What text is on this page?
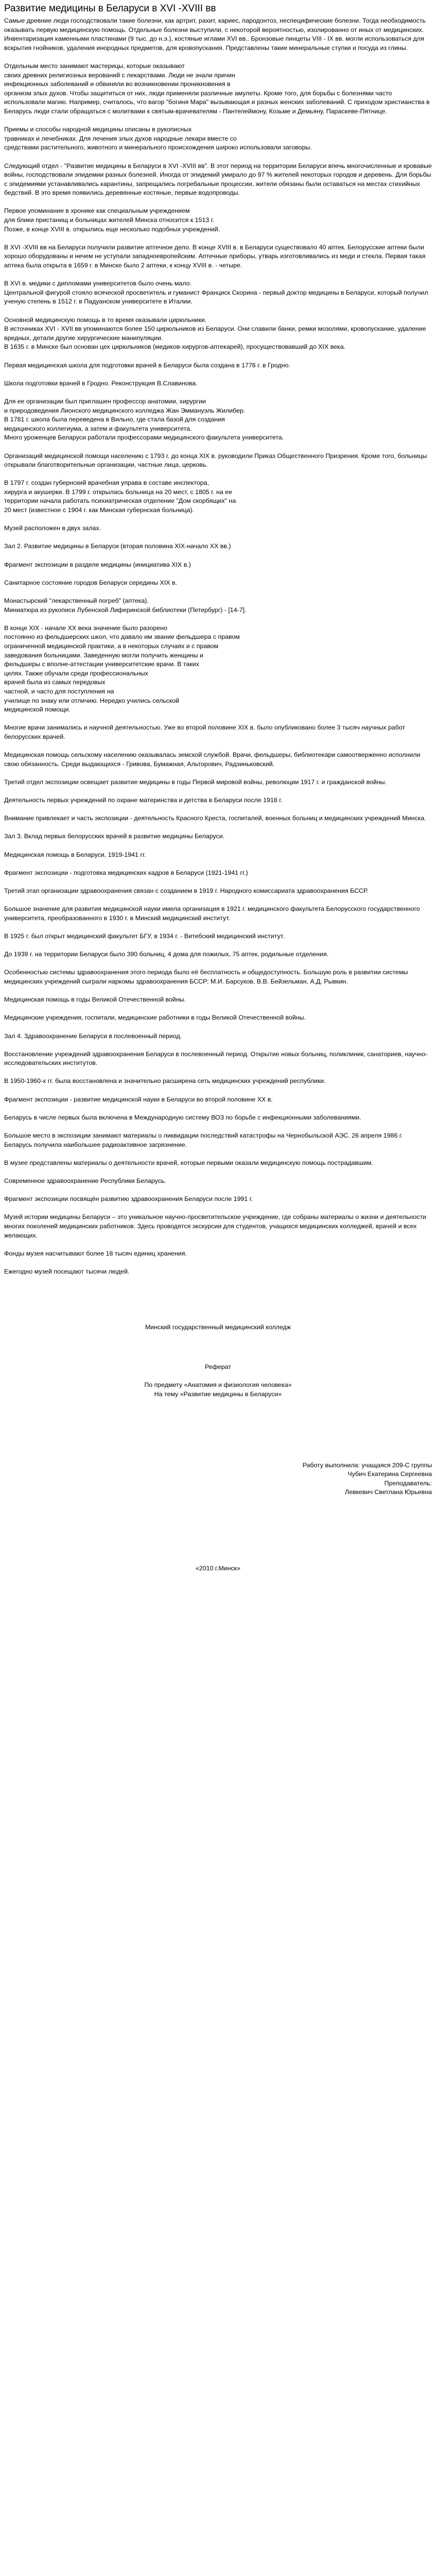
Развитие медицины в Беларуси в XVI -XVIII вв

Самые древние люди господствовали такие болезни, как артрит, рахит, кариес, пародонтоз, неспецифические болезни. Тогда необходимость оказывать первую медицинскую помощь. Отдельные болезни выступили, с некоторой вероятностью, изолированно от иных от медицинских. Инвентаризация каменными пластинами (9 тыс. до н.э.), костяные иглами XVI вв.. Бронзовые пинцеты VIII - IX вв. могли использоваться для вскрытия гнойников, удаления инородных предметов, для кровопускания. Представлены такие минеральные ступки и посуда из глины.

Отдельным место занимают мастерицы, которые оказывают
своих древних религиозных верований с лекарствами. Люди не знали причин
инфекционных заболеваний и обвиняли во возникновении проникновения в
организм злых духов. Чтобы защититься от них, люди применяли различные амулеты. Кроме того, для борьбы с болезнями часто использовали магию. Например, считалось, что вагор "богиня Мара" вызывающая и разных женских заболеваний. С приходом христианства в Беларусь люди стали обращаться с молитвами к святым-врачевателям - Пантелеймону, Козьме и Демьяну, Параскеве-Пятнице.

Приемы и способы народной медицины описаны в рукописных
травниках и лечебниках. Для лечения злых духов народные лекари вместе со
средствами растительного, животного и минерального происхождения широко использовали заговоры.

Следующий отдел - "Развитие медицины в Беларуси в XVI -XVIII вв". В этот период на территории Беларуси впечь многочисленные и кровавые войны, господствовали эпидемии разных болезней. Иногда от эпидемий умирало до 97 % жителей некоторых городов и деревень. Для борьбы с эпидемиями устанавливались карантины, запрещались погребальные процессии, жители обязаны были оставаться на местах стихийных бедствий. В это время появились деревянные костяные, первые водопроводы.

Первое упоминание в хронике как специальным учреждением
для блики пристанищ и больницах жителей Минска относится к 1513 г.
Позже, в конце XVIII в. открылись еще несколько подобных учреждений.

В XVI -XVIII вв на Беларуси получили развитие аптечное дело. В конце XVIII в. в Беларуси существовало 40 аптек. Белорусские аптеки были хорошо оборудованы и нечем не уступали западноевропейским. Аптечные приборы, утварь изготовливались из меди и стекла. Первая такая аптека была открыта в 1659 г. в Минске было 2 аптеки, к концу XVIII в. - четыре.

В XVI в. медики с дипломами университетов было очень мало.
Центральной фигурой стояло всяческой просветитель и гуманист Франциск Скорина - первый доктор медицины в Беларуси, который получил ученую степень в 1512 г. в Падуанском университете в Италии.

Основной медицинскую помощь в то время оказывали цирюльники.
В источниках XVI - XVII вв упоминаются более 150 цирюльников из Беларуси. Они славили банки, ремки мозолями, кровопускание, удаление вредных, детали другие хирургические манипуляции.
В 1635 г. в Минске был основан цех цирюльников (медиков-хирургов-аптекарей), просуществовавший до XIX века.

Первая медицинская школа для подготовки врачей в Беларуси была создана в 1776 г. в Гродно.

Школа подготовки врачей в Гродно. Реконструкция В.Славинова.

Для ее организации был приглашен профессор анатомии, хирургии
и природоведения Лионского медицинского колледжа Жан Эммануэль Жилибер.
В 1781 г. школа была переведена в Вильно, где стала базой для создания
медицинского коллегиума, а затем и факультета университета.
Много уроженцев Беларуси работали профессорами медицинского факультета университета.

Организаций медицинской помощи населению с 1793 г. до конца XIX в. руководили Приказ Общественного Призрения. Кроме того, больницы открывали благотворительные организации, частные лица, церковь.

В 1797 г. создан губернский врачебная управа в составе инспектора,
хирурга и акушерки. В 1799 г. открылась больница на 20 мест, с 1805 г. на ее
территории начала работать психиатрическая отделение "Дом скорбящих" на
20 мест (известное с 1904 г. как Минская губернская больница).

Музей расположен в двух залах.

Зал 2. Развитие медицины в Беларуси (вторая половина XIX-начало XX вв.)

Фрагмент экспозиции в разделе медицины (инициатива XIX в.)

Санитарное состояние городов Беларуси середины XIX в.

Монастырский "лекарственный погреб" (аптека).
Миниатюра из рукописи Лубенской Лиферинской библиотеки (Петербург) - [14-7].

В конце XIX - начале XX века значение было разорено
постоянно из фельдшерских школ, что давало им звание фельдшера с правом
ограниченной медицинской практики, а в некоторых случаях и с правом
заведования больницами. Заведенную могли получить женщины и
фельдшеры с вполне-аттестации университетские врачи. В таких
целях. Также обучали среди профессиональных
врачей была из самых передовых
частной, и часто для поступления на
училище по знаку или отличию. Нередко учились сельской
медицинской помощи.

Многие врачи занимались и научной деятельностью. Уже во второй половине XIX в. было опубликовано более 3 тысяч научных работ белорусских врачей.

Медицинская помощь сельскому населению оказывалась земской службой. Врачи, фельдшеры, библиотекари самоотверженно исполнили свою обязанность. Среди выдающихся - Гривова, Бумажная, Альторович, Радзиньковский.

Третий отдел экспозиции освещает развитие медицины в годы Первой мировой войны, революции 1917 г. и гражданской войны.

Деятельность первых учреждений по охране материнства и детства в Беларуси после 1918 г.

Внимание привлекает и часть экспозиции - деятельность Красного Креста, госпиталей, военных больниц и медицинских учреждений Минска.

Зал 3. Вклад первых белорусских врачей в развитие медицины Беларуси.

Медицинская помощь в Беларуси, 1919-1941 гг.

Фрагмент экспозиции - подготовка медицинских кадров в Беларуси (1921-1941 гг.)

Третий этап организации здравоохранения связан с созданием в 1919 г. Народного комиссариата здравоохранения БССР.

Большое значение для развития медицинской науки имела организация в 1921 г. медицинского факультета Белорусского государственного университета, преобразованного в 1930 г. в Минский медицинский институт.

В 1925 г. был открыт медицинский факультет БГУ, в 1934 г. - Витебский медицинский институт.

До 1939 г. на территории Беларуси было 390 больниц, 4 дома для пожилых, 75 аптек, родильные отделения.

Особенностью системы здравоохранения этого периода было её бесплатность и общедоступность. Большую роль в развитии системы медицинских учреждений сыграли наркомы здравоохранения БССР: М.И. Барсуков, В.В. Бейзельман, А.Д. Рывкин.

Медицинская помощь в годы Великой Отечественной войны.

Медицинские учреждения, госпитали, медицинские работники в годы Великой Отечественной войны.

Зал 4. Здравоохранение Беларуси в послевоенный период.

Восстановление учреждений здравоохранения Беларуси в послевоенный период. Открытие новых больниц, поликлиник, санаториев, научно-исследовательских институтов.

В 1950-1960-х гг. была восстановлена и значительно расширена сеть медицинских учреждений республики.

Фрагмент экспозиции - развитие медицинской науки в Беларуси во второй половине XX в.

Беларусь в числе первых была включена в Международную систему ВОЗ по борьбе с инфекционными заболеваниями.

Большое место в экспозиции занимают материалы о ликвидации последствий катастрофы на Чернобыльской АЭС. 26 апреля 1986 г. Беларусь получила наибольшее радиоактивное загрязнение.

В музее представлены материалы о деятельности врачей, которые первыми оказали медицинскую помощь пострадавшим.

Современное здравоохранение Республики Беларусь.

Фрагмент экспозиции посвящён развитию здравоохранения Беларуси после 1991 г.

Музей истории медицины Беларуси – это уникальное научно-просветительское учреждение, где собраны материалы о жизни и деятельности многих поколений медицинских работников. Здесь проводятся экскурсии для студентов, учащихся медицинских колледжей, врачей и всех желающих.

Фонды музея насчитывают более 18 тысяч единиц хранения.

Ежегодно музей посещают тысячи людей.

Минский государственный медицинский колледж

Реферат

По предмету «Анатомия и физиология человека»

На тему «Развитие медицины в Беларуси»

Работу выполнила: учащаяся 209-С группы

Чубич Екатерина Сергеевна

Преподаватель:

Левкевич Светлана Юрьевна

«2010 г.Минск»
